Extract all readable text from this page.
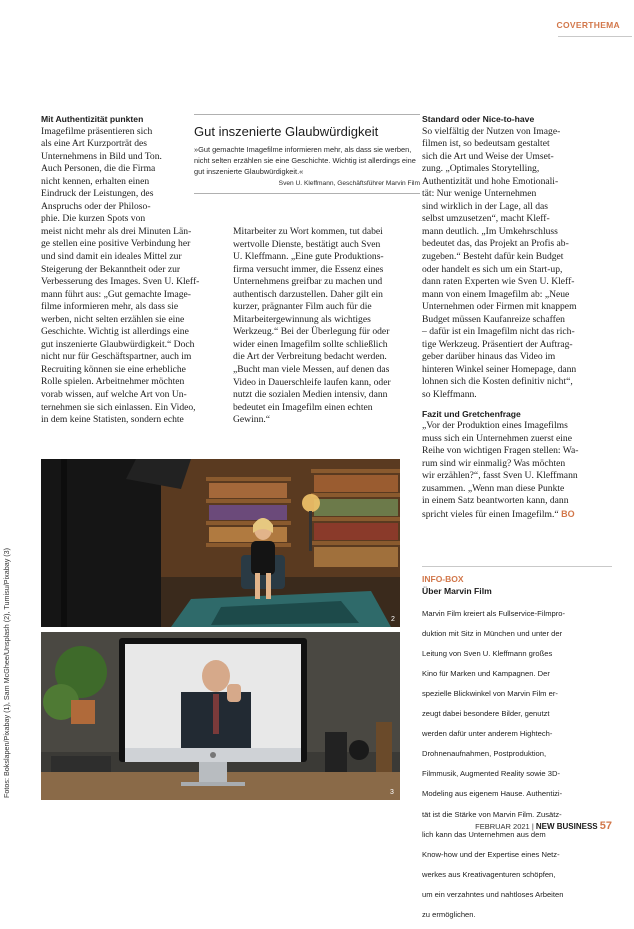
COVERTHEMA
Mit Authentizität punkten

Imagefilme präsentieren sich

als eine Art Kurzporträt des

Unternehmens in Bild und Ton.

Auch Personen, die die Firma

nicht kennen, erhalten einen

Eindruck der Leistungen, des

Anspruchs oder der Philoso-

phie. Die kurzen Spots von

meist nicht mehr als drei Minuten Län-

ge stellen eine positive Verbindung her

und sind damit ein ideales Mittel zur

Steigerung der Bekanntheit oder zur

Verbesserung des Images. Sven U. Kleff-

mann führt aus: „Gut gemachte Image-

filme informieren mehr, als dass sie

werben, nicht selten erzählen sie eine

Geschichte. Wichtig ist allerdings eine

gut inszenierte Glaubwürdigkeit.“ Doch

nicht nur für Geschäftspartner, auch im

Recruiting können sie eine erhebliche

Rolle spielen. Arbeitnehmer möchten

vorab wissen, auf welche Art von Un-

ternehmen sie sich einlassen. Ein Video,

in dem keine Statisten, sondern echte

Gut inszenierte Glaubwürdigkeit
»Gut gemachte Imagefilme informieren mehr, als dass sie werben, nicht selten erzählen sie eine Geschichte. Wichtig ist allerdings eine gut inszenierte Glaubwürdigkeit.«
Sven U. Kleffmann, Geschäftsführer Marvin Film

Mitarbeiter zu Wort kommen, tut dabei

wertvolle Dienste, bestätigt auch Sven

U. Kleffmann. „Eine gute Produktions-

firma versucht immer, die Essenz eines

Unternehmens greifbar zu machen und

authentisch darzustellen. Daher gilt ein

kurzer, prägnanter Film auch für die

Mitarbeitergewinnung als wichtiges

Werkzeug.“ Bei der Überlegung für oder

wider einen Imagefilm sollte schließlich

die Art der Verbreitung bedacht werden.

„Bucht man viele Messen, auf denen das

Video in Dauerschleife laufen kann, oder

nutzt die sozialen Medien intensiv, dann

bedeutet ein Imagefilm einen echten

Gewinn.“

Standard oder Nice-to-have

So vielfältig der Nutzen von Image-

filmen ist, so bedeutsam gestaltet

sich die Art und Weise der Umset-

zung. „Optimales Storytelling,

Authentizität und hohe Emotionali-

tät: Nur wenige Unternehmen

sind wirklich in der Lage, all das

selbst umzusetzen“, macht Kleff-

mann deutlich. „Im Umkehrschluss

bedeutet das, das Projekt an Profis ab-

zugeben.“ Besteht dafür kein Budget

oder handelt es sich um ein Start-up,

dann raten Experten wie Sven U. Kleff-

mann von einem Imagefilm ab: „Neue

Unternehmen oder Firmen mit knappem

Budget müssen Kaufanreize schaffen

– dafür ist ein Imagefilm nicht das rich-

tige Werkzeug. Präsentiert der Auftrag-

geber darüber hinaus das Video im

hinteren Winkel seiner Homepage, dann

lohnen sich die Kosten definitiv nicht“,

so Kleffmann.

Fazit und Gretchenfrage

„Vor der Produktion eines Imagefilms

muss sich ein Unternehmen zuerst eine

Reihe von wichtigen Fragen stellen: Wa-

rum sind wir einmalig? Was möchten

wir erzählen?“, fasst Sven U. Kleffmann

zusammen. „Wenn man diese Punkte

in einem Satz beantworten kann, dann

spricht vieles für einen Imagefilm.“ BO

INFO-BOX
Über Marvin Film

Marvin Film kreiert als Fullservice-Filmpro-

duktion mit Sitz in München und unter der

Leitung von Sven U. Kleffmann großes

Kino für Marken und Kampagnen. Der

spezielle Blickwinkel von Marvin Film er-

zeugt dabei besondere Bilder, genutzt

werden dafür unter anderem Hightech-

Drohnenaufnahmen, Postproduktion,

Filmmusik, Augmented Reality sowie 3D-

Modeling aus eigenem Hause. Authentizi-

tät ist die Stärke von Marvin Film. Zusätz-

lich kann das Unternehmen aus dem

Know-how und der Expertise eines Netz-

werkes aus Kreativagenturen schöpfen,

um ein verzahntes und nahtloses Arbeiten

zu ermöglichen.

Fotos: Bokslapen/Pixabay (1), Sam McGhee/Unsplash (2), Tumisu/Pixabay (3)	2
3
FEBRUAR 2021 | NEW BUSINESS 57
